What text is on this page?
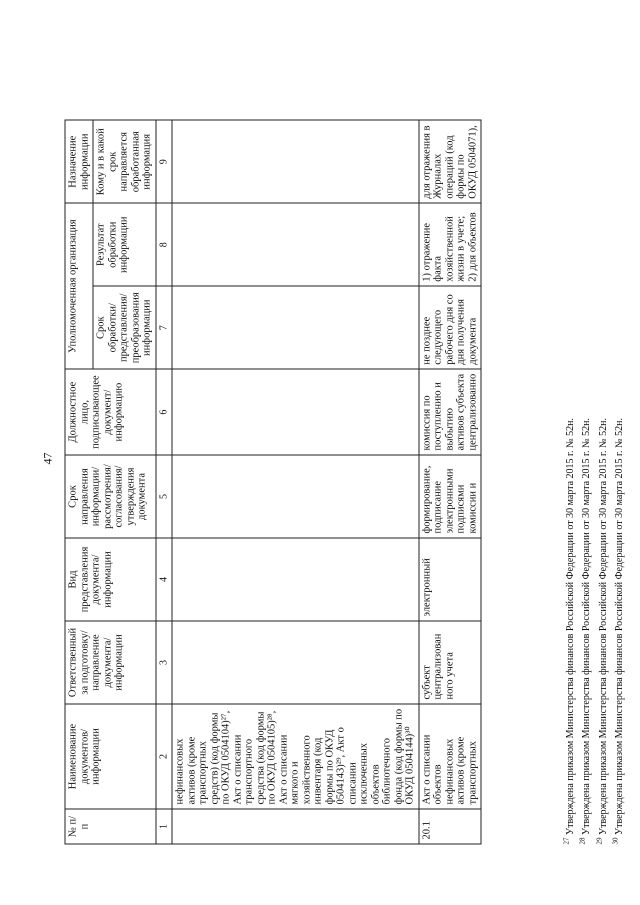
47
№ п/п	Наименование документов/ информации	Ответственный за подготовку/ направление документа/ информации	Вид представления документа/ информации	Срок направления информации/ рассмотрения/ согласования/ утверждения документа	Должностное лицо, подписывающее документ/ информацию	Уполномоченная организация		Назначение информации
						Срок обработки/ представления/ преобразования информации	Результат обработки информации	Кому и в какой срок направляется обработанная информация
1	2	3	4	5	6	7	8	9
	нефинансовых активов (кроме транспортных средств) (код формы по ОКУД 0504104)²⁷, Акт о списании транспортного средства (код формы по ОКУД 0504105)²⁸, Акт о списании мягкого и хозяйственного инвентаря (код формы по ОКУД 0504143)²⁹, Акт о списании исключенных объектов библиотечного фонда (код формы по ОКУД 0504144)³⁰							
20.1	Акт о списании объектов нефинансовых активов (кроме транспортных	субъект централизован ного учета	электронный	формирование, подписание электронными подписями комиссии и	комиссия по поступлению и выбытию активов субъекта централизованно	не позднее следующего рабочего дня со дня получения документа	1) отражение факта хозяйственной жизни в учете; 2) для объектов	для отражения в Журналах операций (код формы по ОКУД 0504071),
$^{27}$ Утверждена приказом Министерства финансов Российской Федерации от 30 марта 2015 г. № 52н.
$^{28}$ Утверждена приказом Министерства финансов Российской Федерации от 30 марта 2015 г. № 52н.
$^{29}$ Утверждена приказом Министерства финансов Российской Федерации от 30 марта 2015 г. № 52н.
$^{30}$ Утверждена приказом Министерства финансов Российской Федерации от 30 марта 2015 г. № 52н.
